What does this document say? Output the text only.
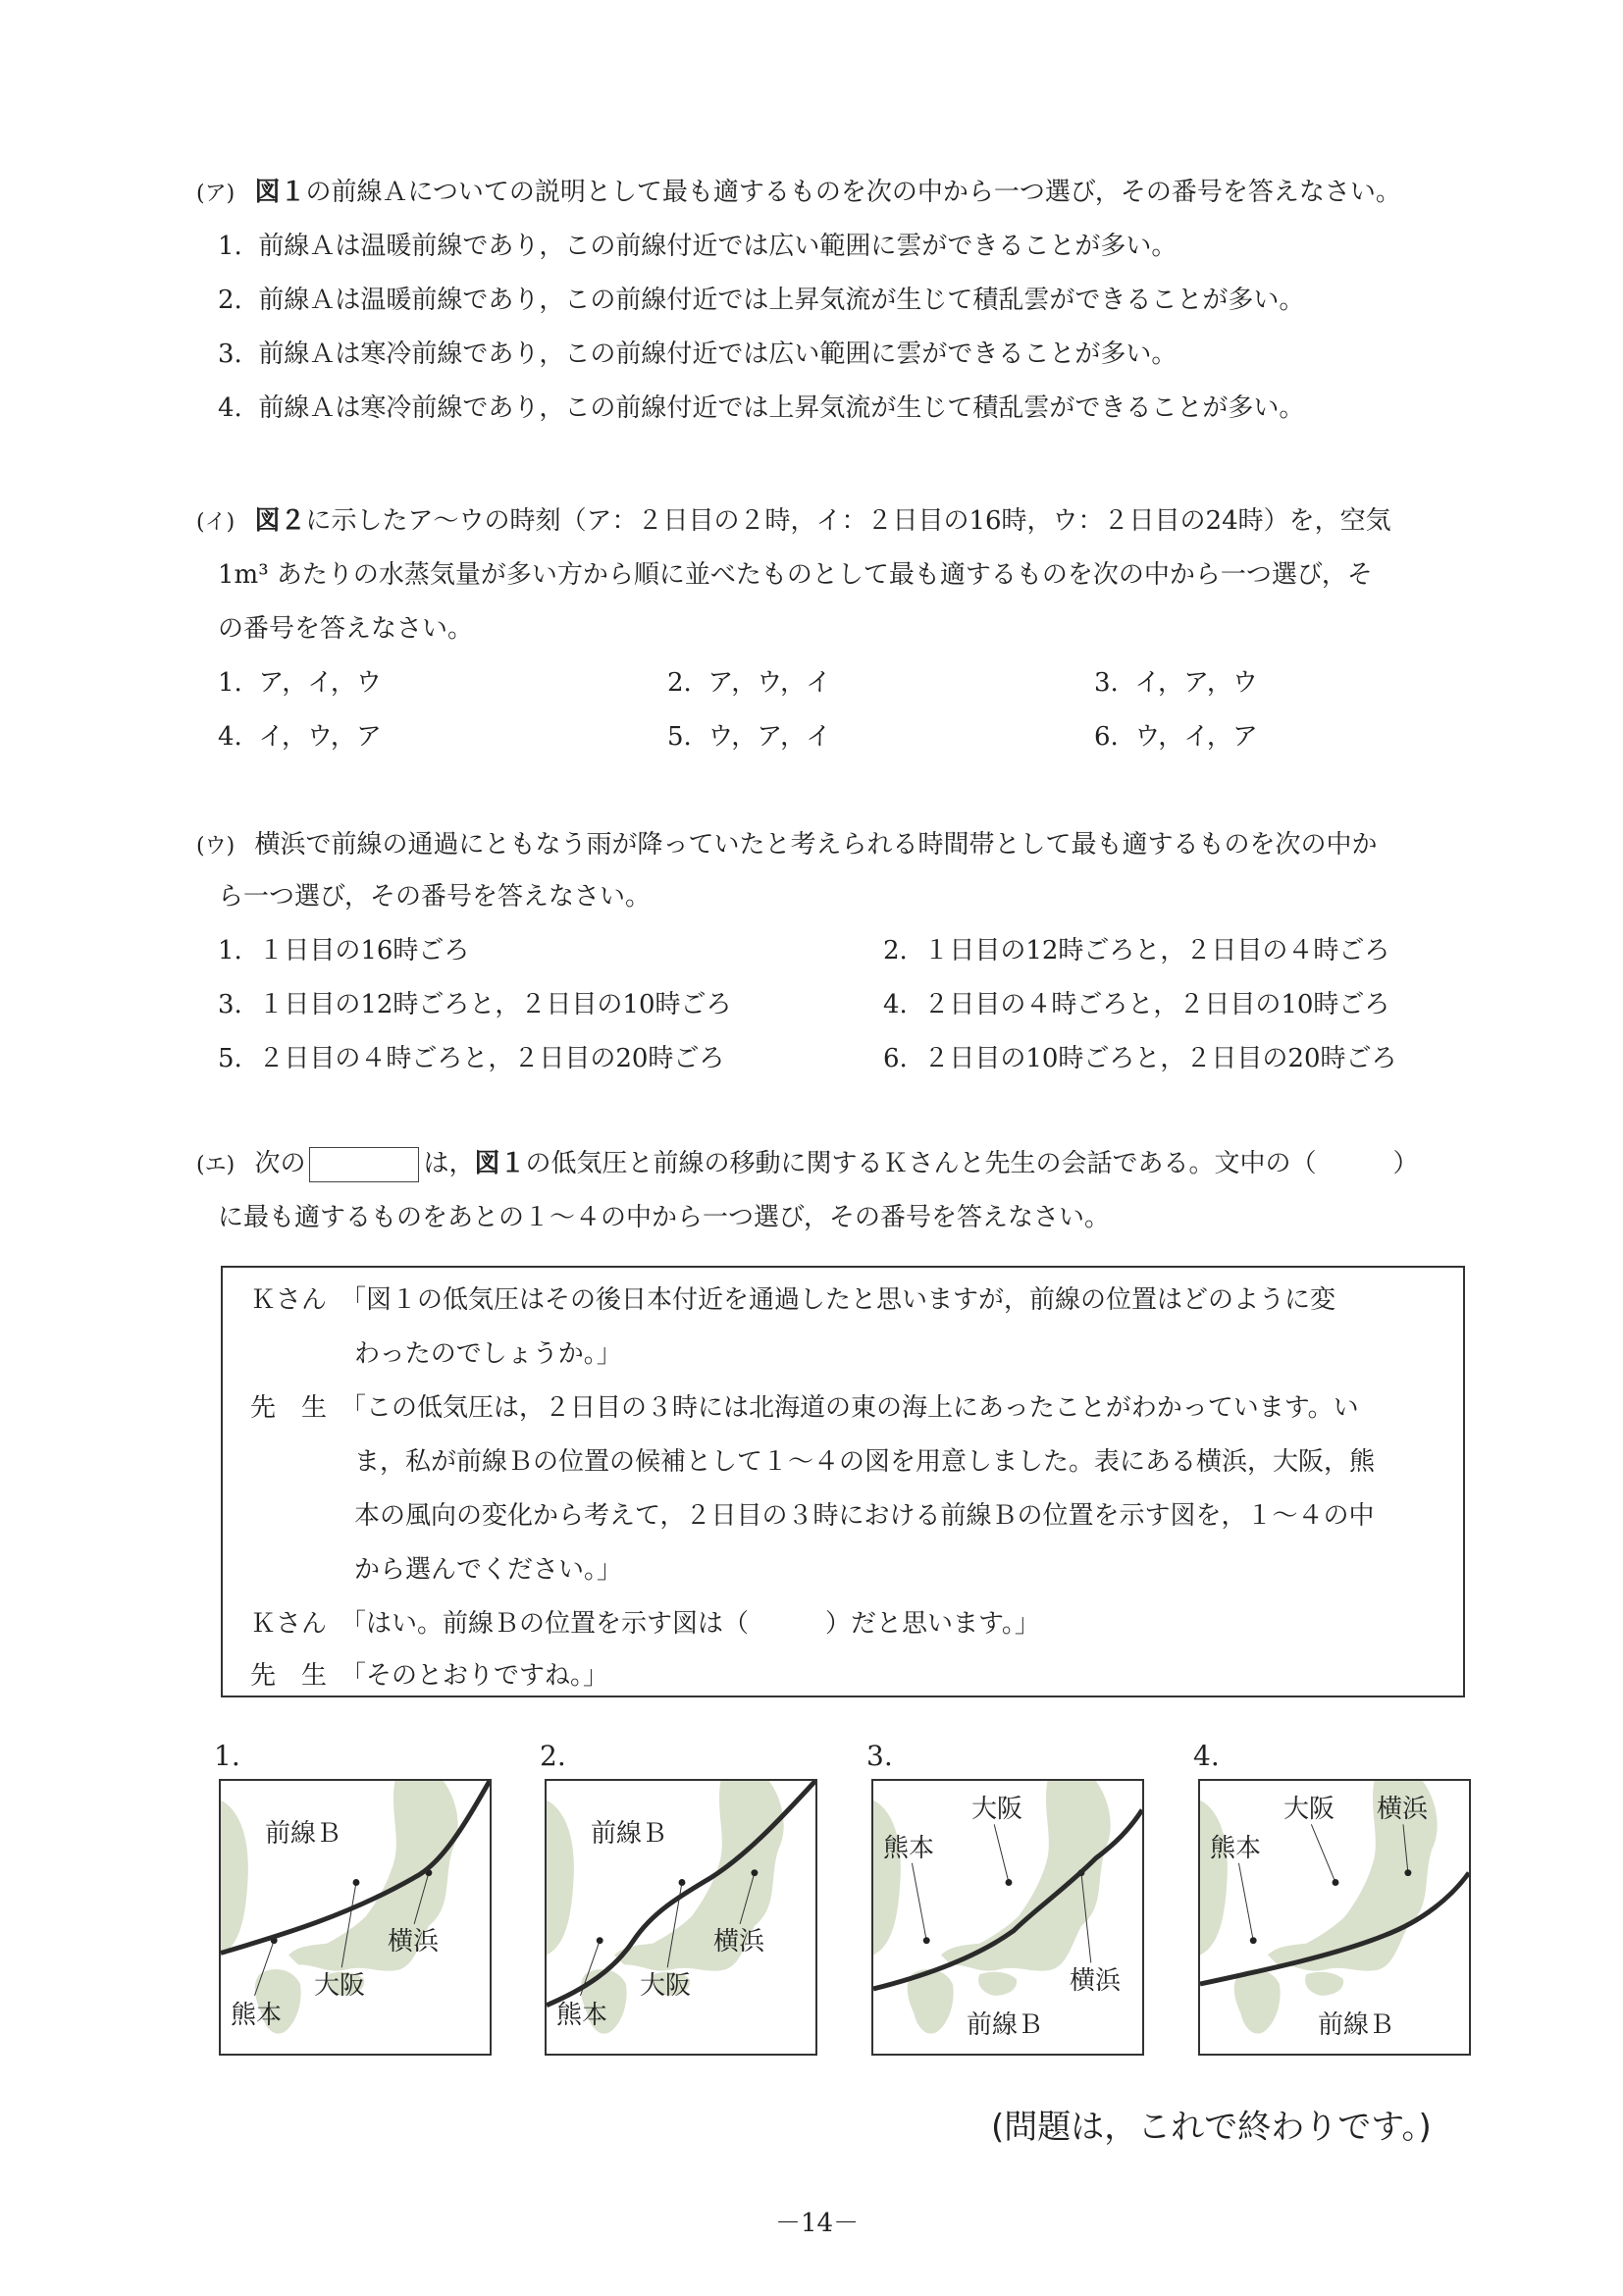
(ア) 図１の前線Ａについての説明として最も適するものを次の中から一つ選び，その番号を答えなさい。
1. 前線Ａは温暖前線であり，この前線付近では広い範囲に雲ができることが多い。
2. 前線Ａは温暖前線であり，この前線付近では上昇気流が生じて積乱雲ができることが多い。
3. 前線Ａは寒冷前線であり，この前線付近では広い範囲に雲ができることが多い。
4. 前線Ａは寒冷前線であり，この前線付近では上昇気流が生じて積乱雲ができることが多い。
(イ) 図２に示したア～ウの時刻（ア：２日目の２時，イ：２日目の16時，ウ：２日目の24時）を，空気
1m³ あたりの水蒸気量が多い方から順に並べたものとして最も適するものを次の中から一つ選び，そ
の番号を答えなさい。
1. ア，イ，ウ	2. ア，ウ，イ	3. イ，ア，ウ
4. イ，ウ，ア	5. ウ，ア，イ	6. ウ，イ，ア
(ウ) 横浜で前線の通過にともなう雨が降っていたと考えられる時間帯として最も適するものを次の中か
ら一つ選び，その番号を答えなさい。
1. １日目の16時ごろ	2. １日目の12時ごろと，２日目の４時ごろ
3. １日目の12時ごろと，２日目の10時ごろ	4. ２日目の４時ごろと，２日目の10時ごろ
5. ２日目の４時ごろと，２日目の20時ごろ	6. ２日目の10時ごろと，２日目の20時ごろ
(エ) 次の	は，図１の低気圧と前線の移動に関するＫさんと先生の会話である。文中の（　　　）
に最も適するものをあとの１～４の中から一つ選び，その番号を答えなさい。
Ｋさん 「図１の低気圧はその後日本付近を通過したと思いますが，前線の位置はどのように変
わったのでしょうか。」
先　生 「この低気圧は，２日目の３時には北海道の東の海上にあったことがわかっています。い
ま，私が前線Ｂの位置の候補として１～４の図を用意しました。表にある横浜，大阪，熊
本の風向の変化から考えて，２日目の３時における前線Ｂの位置を示す図を，１～４の中
から選んでください。」
Ｋさん 「はい。前線Ｂの位置を示す図は（　　　）だと思います。」
先　生 「そのとおりですね。」
1.
前線Ｂ
熊本
大阪
横浜
2.
前線Ｂ
熊本
大阪
横浜
3.
前線Ｂ
熊本
大阪
横浜
4.
前線Ｂ
熊本
大阪 横浜
(問題は，これで終わりです。)
－14－
